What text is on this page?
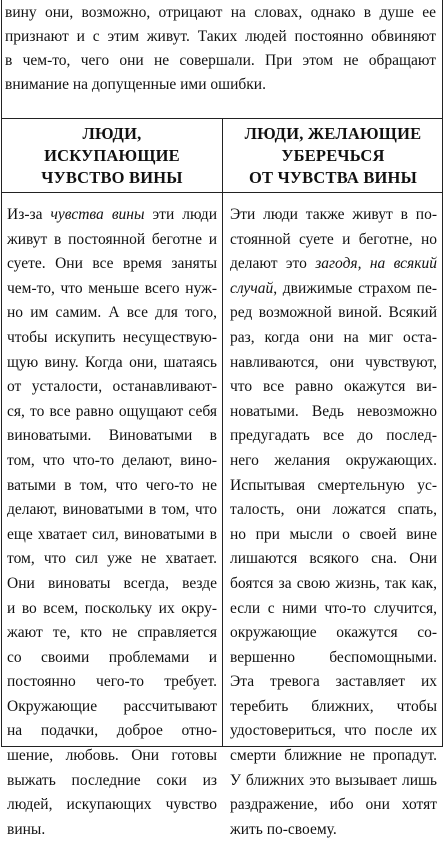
вину они, возможно, отрицают на словах, однако в душе ее
признают и с этим живут. Таких людей постоянно обвиняют
в чем-то, чего они не совершали. При этом не обращают
внимание на допущенные ими ошибки.
ЛЮДИ,
ИСКУПАЮЩИЕ
ЧУВСТВО ВИНЫ
ЛЮДИ, ЖЕЛАЮЩИЕ
УБЕРЕЧЬСЯ
ОТ ЧУВСТВА ВИНЫ
Из-за чувства вины эти люди
живут в постоянной беготне и
суете. Они все время заняты
чем-то, что меньше всего нуж-
но им самим. А все для того,
чтобы искупить несуществую-
щую вину. Когда они, шатаясь
от усталости, останавливают-
ся, то все равно ощущают себя
виноватыми. Виноватыми в
том, что что-то делают, вино-
ватыми в том, что чего-то не
делают, виноватыми в том, что
еще хватает сил, виноватыми в
том, что сил уже не хватает.
Они виноваты всегда, везде
и во всем, поскольку их окру-
жают те, кто не справляется
со своими проблемами и
постоянно чего-то требует.
Окружающие рассчитывают
на подачки, доброе отно-
шение, любовь. Они готовы
выжать последние соки из
людей, искупающих чувство
вины.
Эти люди также живут в по-
стоянной суете и беготне, но
делают это загодя, на всякий
случай, движимые страхом пе-
ред возможной виной. Всякий
раз, когда они на миг оста-
навливаются, они чувствуют,
что все равно окажутся ви-
новатыми. Ведь невозможно
предугадать все до послед-
него желания окружающих.
Испытывая смертельную ус-
талость, они ложатся спать,
но при мысли о своей вине
лишаются всякого сна. Они
боятся за свою жизнь, так как,
если с ними что-то случится,
окружающие окажутся со-
вершенно беспомощными.
Эта тревога заставляет их
теребить ближних, чтобы
удостовериться, что после их
смерти ближние не пропадут.
У ближних это вызывает лишь
раздражение, ибо они хотят
жить по-своему.
